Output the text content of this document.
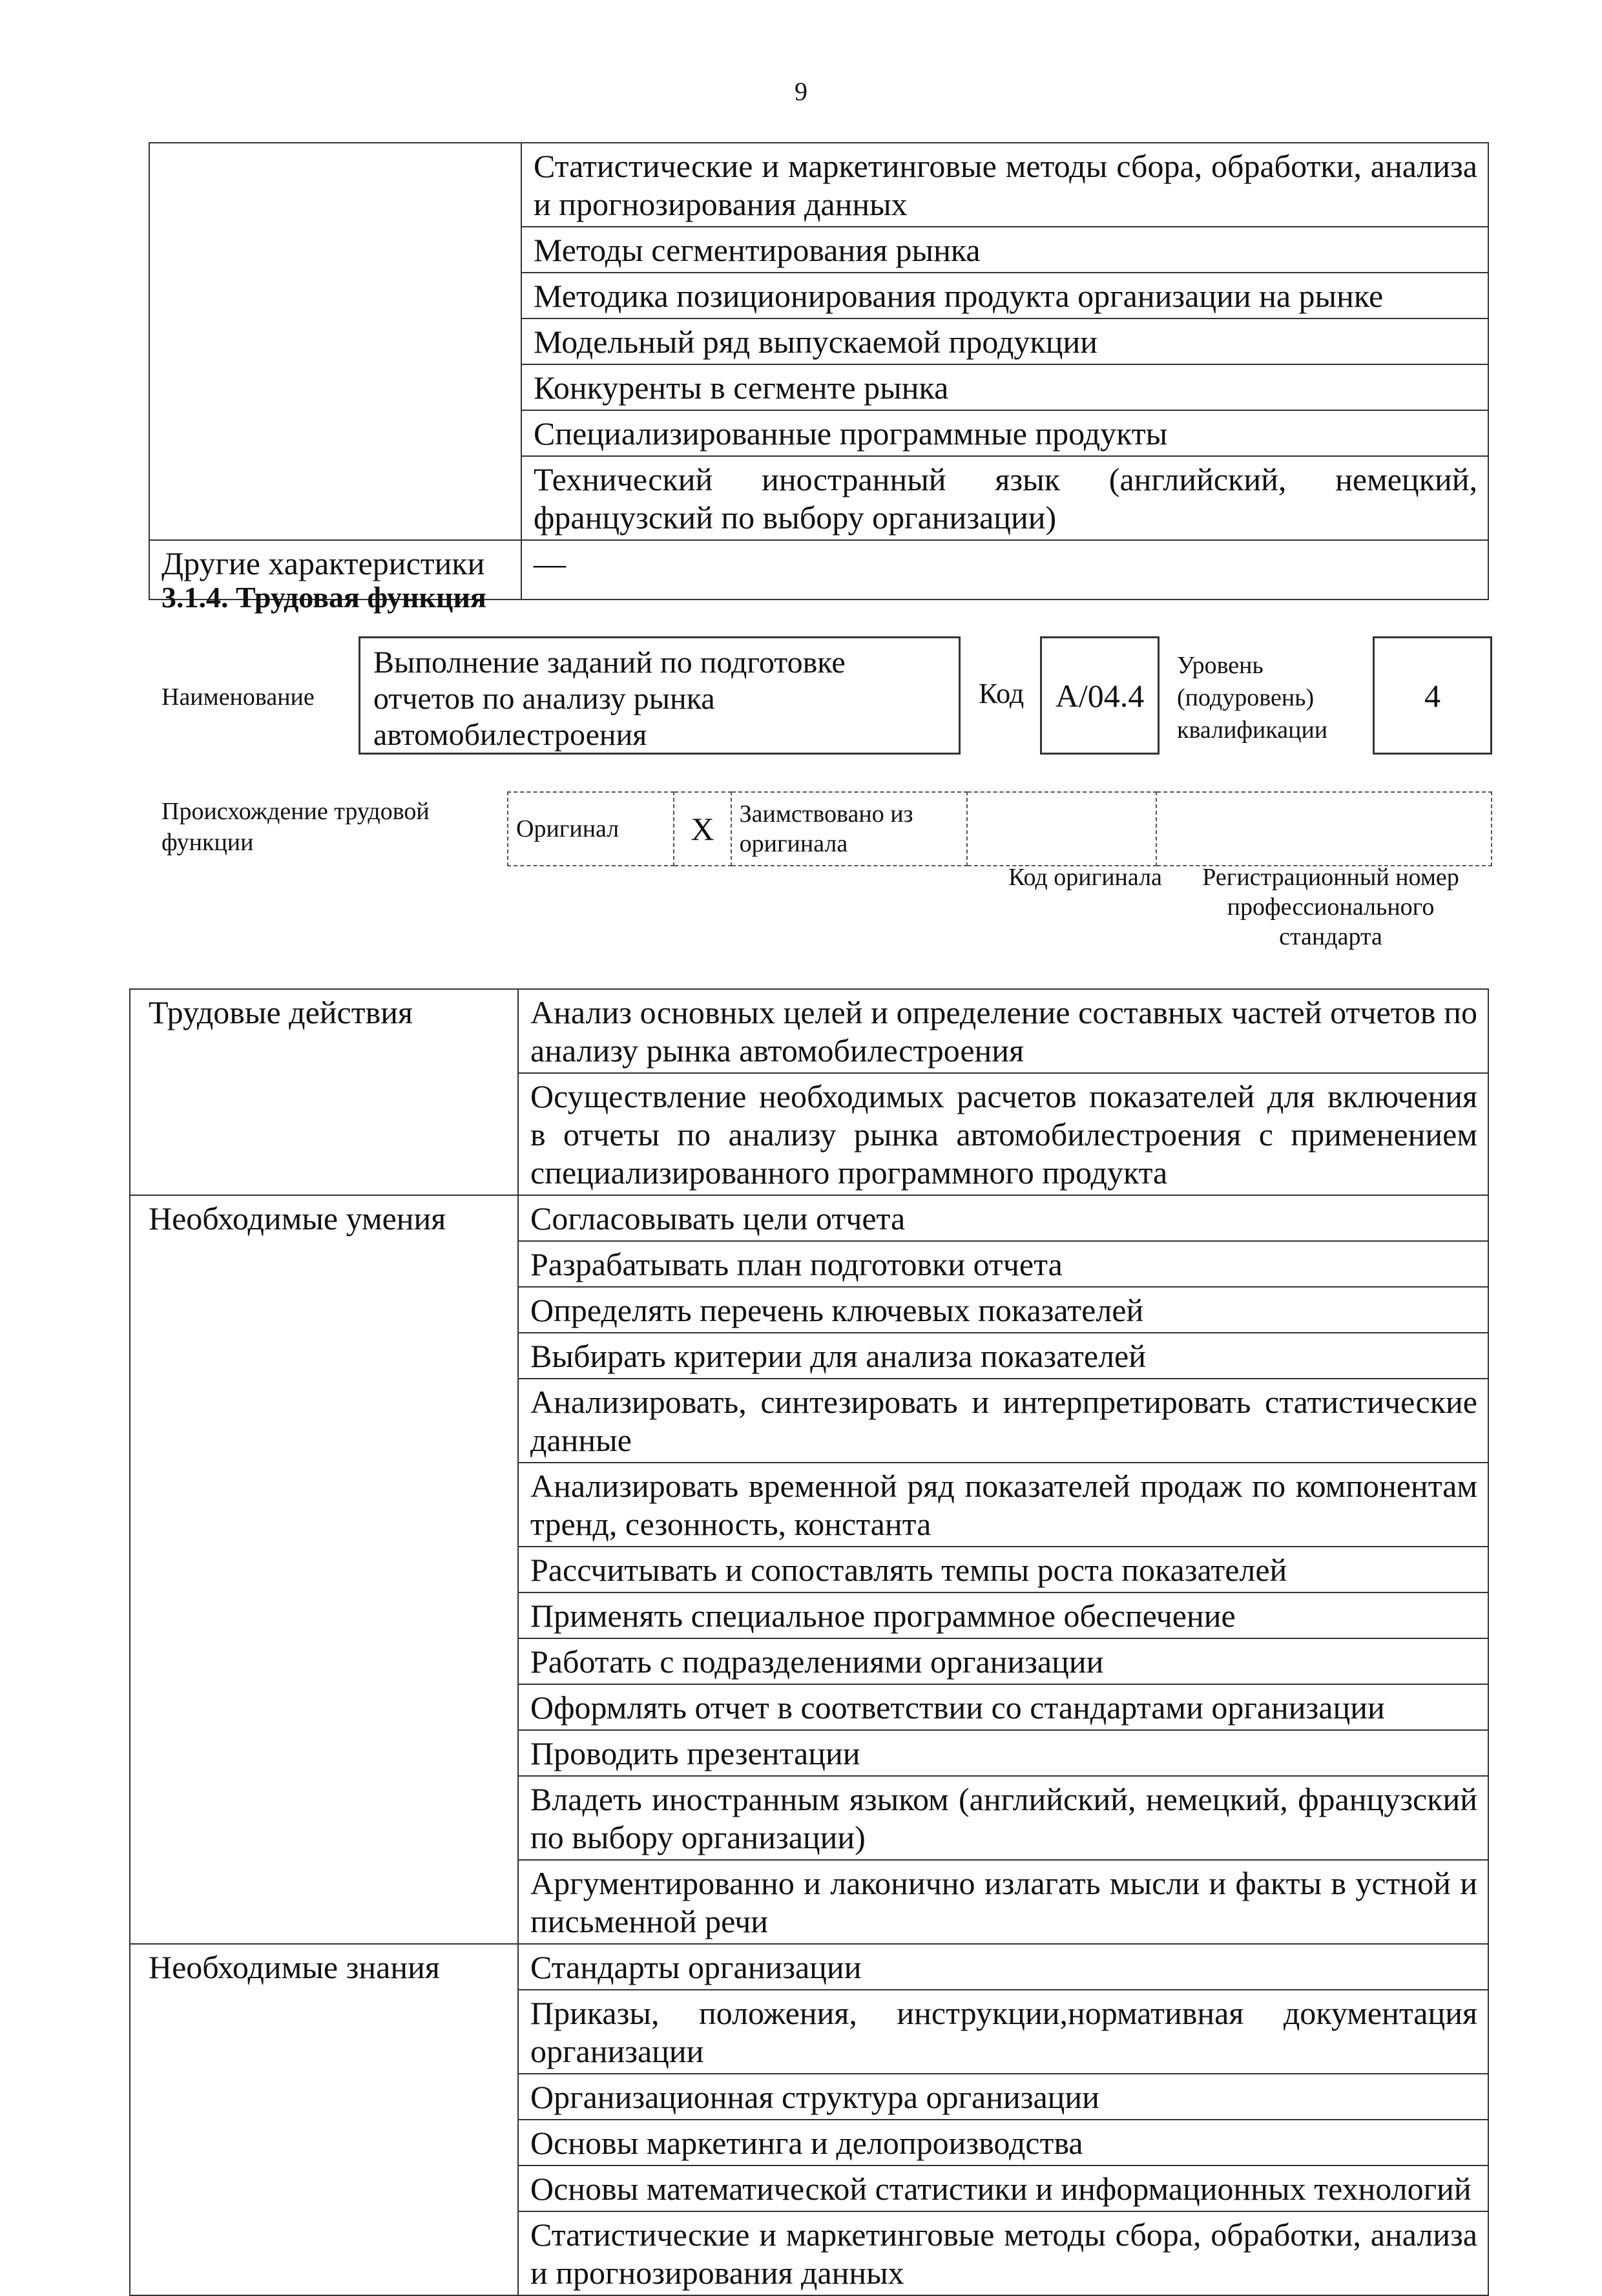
9
	Статистические и маркетинговые методы сбора, обработки, анализа и прогнозирования данных
	Методы сегментирования рынка
	Методика позиционирования продукта организации на рынке
	Модельный ряд выпускаемой продукции
	Конкуренты в сегменте рынка
	Специализированные программные продукты
	Технический иностранный язык (английский, немецкий, французский по выбору организации)
Другие характеристики	—
3.1.4. Трудовая функция
Наименование
Выполнение заданий по подготовке отчетов по анализу рынка автомобилестроения
Код A/04.4
Уровень (подуровень) квалификации
4
Происхождение трудовой функции	Оригинал	X	Заимствовано из оригинала		
Код оригинала	Регистрационный номер профессионального стандарта
Трудовые действия	Анализ основных целей и определение составных частей отчетов по анализу рынка автомобилестроения
	Осуществление необходимых расчетов показателей для включения в отчеты по анализу рынка автомобилестроения с применением специализированного программного продукта
Необходимые умения	Согласовывать цели отчета
	Разрабатывать план подготовки отчета
	Определять перечень ключевых показателей
	Выбирать критерии для анализа показателей
	Анализировать, синтезировать и интерпретировать статистические данные
	Анализировать временной ряд показателей продаж по компонентам тренд, сезонность, константа
	Рассчитывать и сопоставлять темпы роста показателей
	Применять специальное программное обеспечение
	Работать с подразделениями организации
	Оформлять отчет в соответствии со стандартами организации
	Проводить презентации
	Владеть иностранным языком (английский, немецкий, французский по выбору организации)
	Аргументированно и лаконично излагать мысли и факты в устной и письменной речи
Необходимые знания	Стандарты организации
	Приказы, положения, инструкции,нормативная документация организации
	Организационная структура организации
	Основы маркетинга и делопроизводства
	Основы математической статистики и информационных технологий
	Статистические и маркетинговые методы сбора, обработки, анализа и прогнозирования данных
